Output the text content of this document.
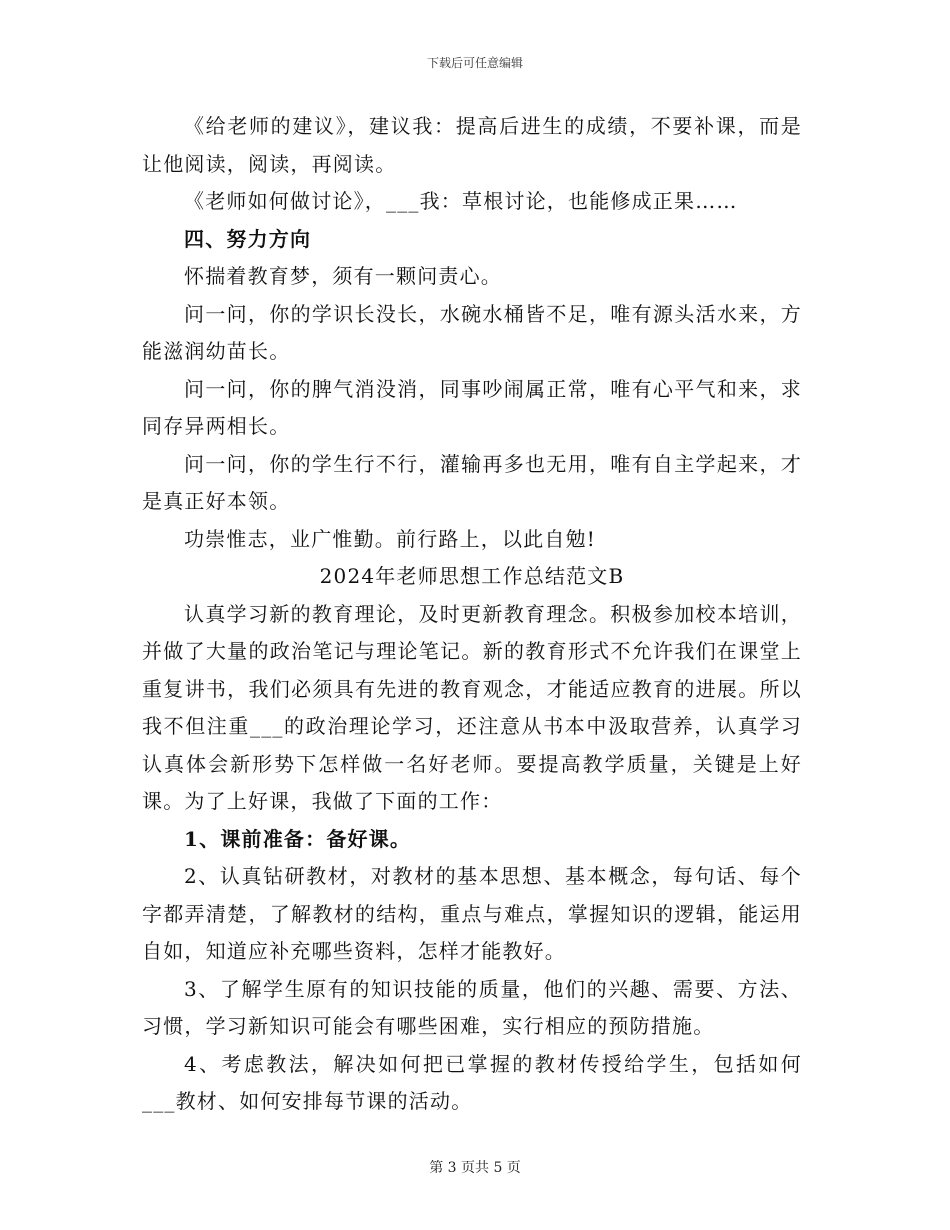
下载后可任意编辑

《给老师的建议》，建议我：提高后进生的成绩，不要补课，而是让他阅读，阅读，再阅读。

《老师如何做讨论》，___我：草根讨论，也能修成正果……

四、努力方向

怀揣着教育梦，须有一颗问责心。

问一问，你的学识长没长，水碗水桶皆不足，唯有源头活水来，方能滋润幼苗长。

问一问，你的脾气消没消，同事吵闹属正常，唯有心平气和来，求同存异两相长。

问一问，你的学生行不行，灌输再多也无用，唯有自主学起来，才是真正好本领。

功崇惟志，业广惟勤。前行路上，以此自勉!

2024年老师思想工作总结范文B

认真学习新的教育理论，及时更新教育理念。积极参加校本培训，并做了大量的政治笔记与理论笔记。新的教育形式不允许我们在课堂上重复讲书，我们必须具有先进的教育观念，才能适应教育的进展。所以我不但注重___的政治理论学习，还注意从书本中汲取营养，认真学习认真体会新形势下怎样做一名好老师。要提高教学质量，关键是上好课。为了上好课，我做了下面的工作：

1、课前准备：备好课。

2、认真钻研教材，对教材的基本思想、基本概念，每句话、每个字都弄清楚，了解教材的结构，重点与难点，掌握知识的逻辑，能运用自如，知道应补充哪些资料，怎样才能教好。

3、了解学生原有的知识技能的质量，他们的兴趣、需要、方法、习惯，学习新知识可能会有哪些困难，实行相应的预防措施。

4、考虑教法，解决如何把已掌握的教材传授给学生，包括如何___教材、如何安排每节课的活动。

第 3 页共 5 页
